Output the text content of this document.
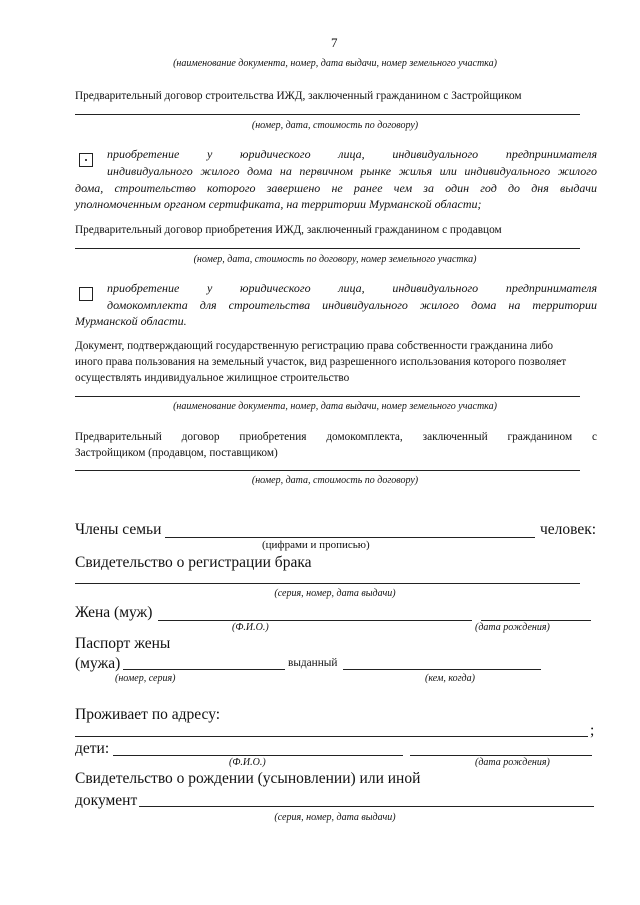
7
(наименование документа, номер, дата выдачи, номер земельного участка)
Предварительный договор строительства ИЖД, заключенный гражданином с Застройщиком
(номер, дата, стоимость по договору)
приобретение у юридического лица, индивидуального предпринимателя
индивидуального жилого дома на первичном рынке жилья или индивидуального жилого
дома, строительство которого завершено не ранее чем за один год до дня выдачи
уполномоченным органом сертификата, на территории Мурманской области;
Предварительный договор приобретения ИЖД, заключенный гражданином с продавцом
(номер, дата, стоимость по договору, номер земельного участка)
приобретение у юридического лица, индивидуального предпринимателя
домокомплекта для строительства индивидуального жилого дома на территории
Мурманской области.
Документ, подтверждающий государственную регистрацию права собственности гражданина либо
иного права пользования на земельный участок, вид разрешенного использования которого позволяет
осуществлять индивидуальное жилищное строительство
(наименование документа, номер, дата выдачи, номер земельного участка)
Предварительный договор приобретения домокомплекта, заключенный гражданином с
Застройщиком (продавцом, поставщиком)
(номер, дата, стоимость по договору)
Члены семьи	человек:
(цифрами и прописью)
Свидетельство о регистрации брака
(серия, номер, дата выдачи)
Жена (муж)
(Ф.И.О.)	(дата рождения)
Паспорт жены
(мужа)	выданный
(номер, серия)	(кем, когда)
Проживает по адресу:
;
дети:
(Ф.И.О.)	(дата рождения)
Свидетельство о рождении (усыновлении) или иной
документ
(серия, номер, дата выдачи)
